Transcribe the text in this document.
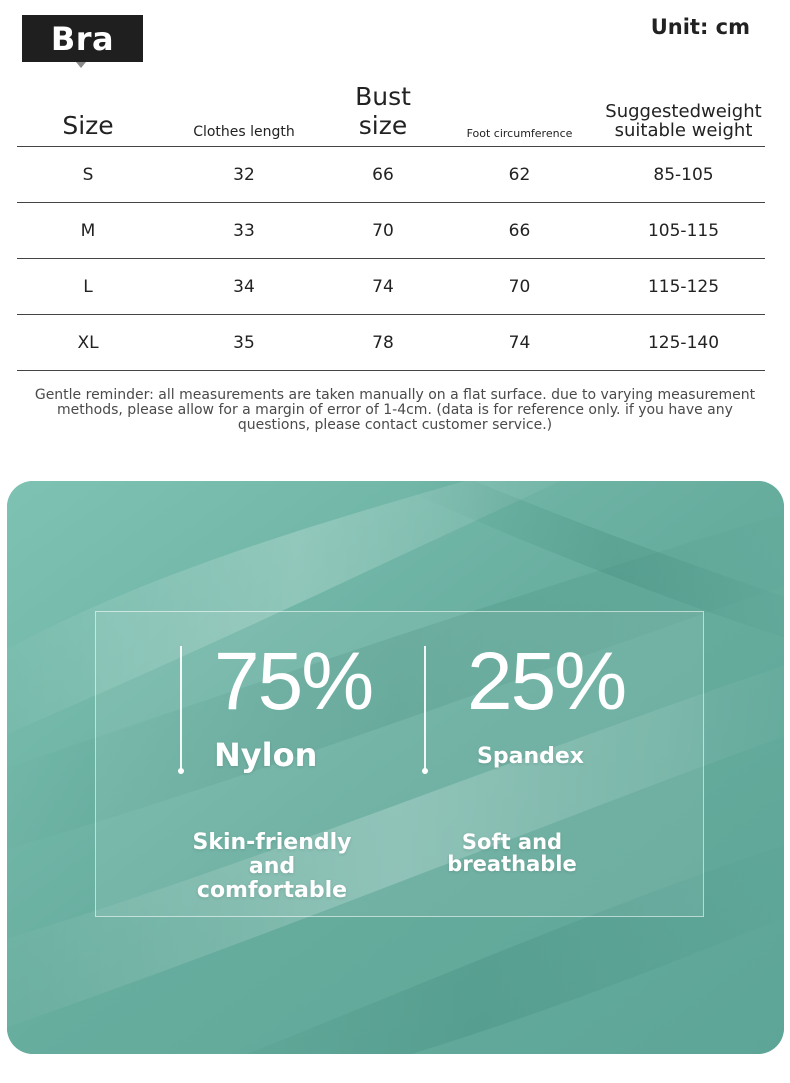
Bra	Unit: cm
Size	Clothes length	Bust size	Foot circumference	Suggestedweight
suitable weight

S	32	66	62	85-105
M	33	70	66	105-115
L	34	74	70	115-125
XL	35	78	74	125-140
Gentle reminder: all measurements are taken manually on a flat surface. due to varying measurement
methods, please allow for a margin of error of 1-4cm. (data is for reference only. if you have any
questions, please contact customer service.)
75%
Nylon
25%
Spandex
Skin-friendly and
comfortable
Soft and
breathable
